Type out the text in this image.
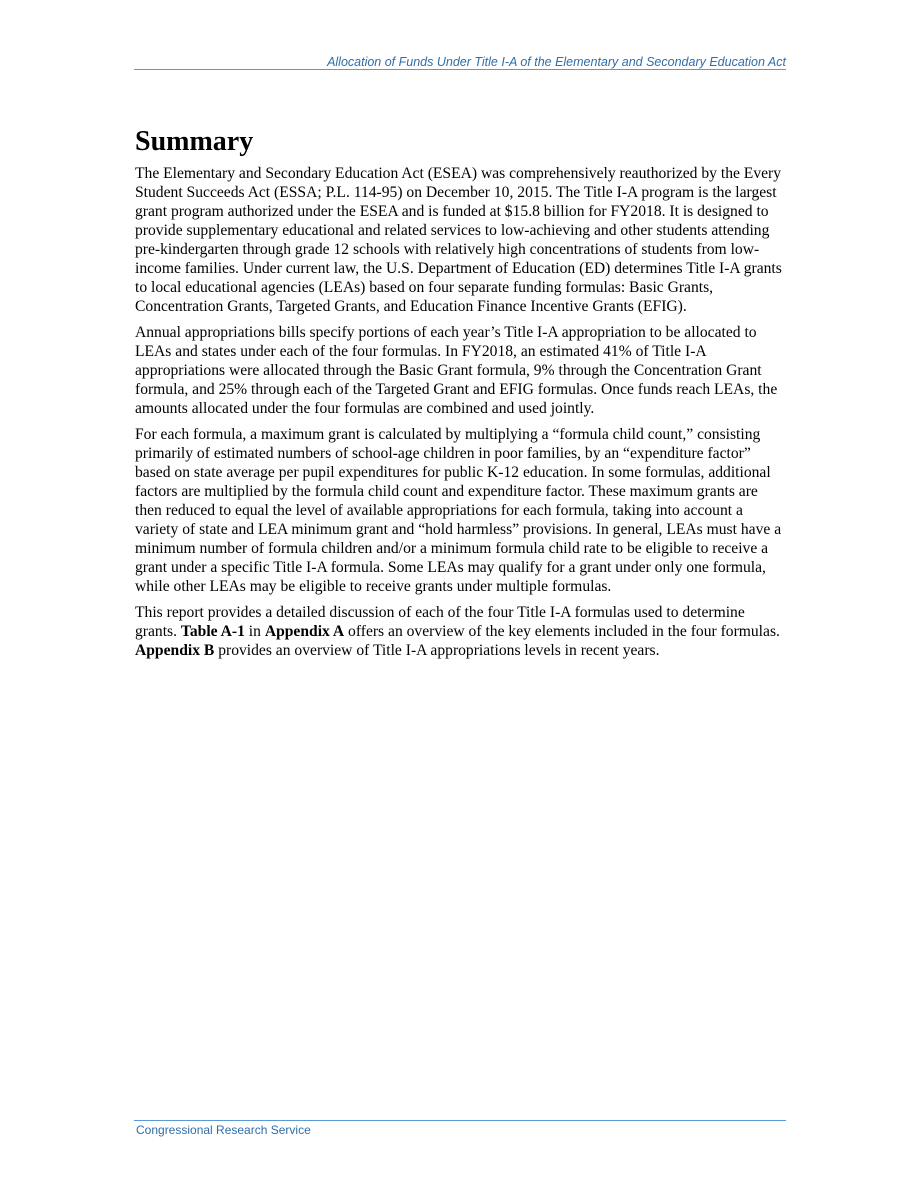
Allocation of Funds Under Title I-A of the Elementary and Secondary Education Act
Summary

The Elementary and Secondary Education Act (ESEA) was comprehensively reauthorized by the Every Student Succeeds Act (ESSA; P.L. 114-95) on December 10, 2015. The Title I-A program is the largest grant program authorized under the ESEA and is funded at $15.8 billion for FY2018. It is designed to provide supplementary educational and related services to low-achieving and other students attending pre-kindergarten through grade 12 schools with relatively high concentrations of students from low-income families. Under current law, the U.S. Department of Education (ED) determines Title I-A grants to local educational agencies (LEAs) based on four separate funding formulas: Basic Grants, Concentration Grants, Targeted Grants, and Education Finance Incentive Grants (EFIG).

Annual appropriations bills specify portions of each year’s Title I-A appropriation to be allocated to LEAs and states under each of the four formulas. In FY2018, an estimated 41% of Title I-A appropriations were allocated through the Basic Grant formula, 9% through the Concentration Grant formula, and 25% through each of the Targeted Grant and EFIG formulas. Once funds reach LEAs, the amounts allocated under the four formulas are combined and used jointly.

For each formula, a maximum grant is calculated by multiplying a “formula child count,” consisting primarily of estimated numbers of school-age children in poor families, by an “expenditure factor” based on state average per pupil expenditures for public K-12 education. In some formulas, additional factors are multiplied by the formula child count and expenditure factor. These maximum grants are then reduced to equal the level of available appropriations for each formula, taking into account a variety of state and LEA minimum grant and “hold harmless” provisions. In general, LEAs must have a minimum number of formula children and/or a minimum formula child rate to be eligible to receive a grant under a specific Title I-A formula. Some LEAs may qualify for a grant under only one formula, while other LEAs may be eligible to receive grants under multiple formulas.

This report provides a detailed discussion of each of the four Title I-A formulas used to determine grants. Table A-1 in Appendix A offers an overview of the key elements included in the four formulas. Appendix B provides an overview of Title I-A appropriations levels in recent years.

Congressional Research Service
